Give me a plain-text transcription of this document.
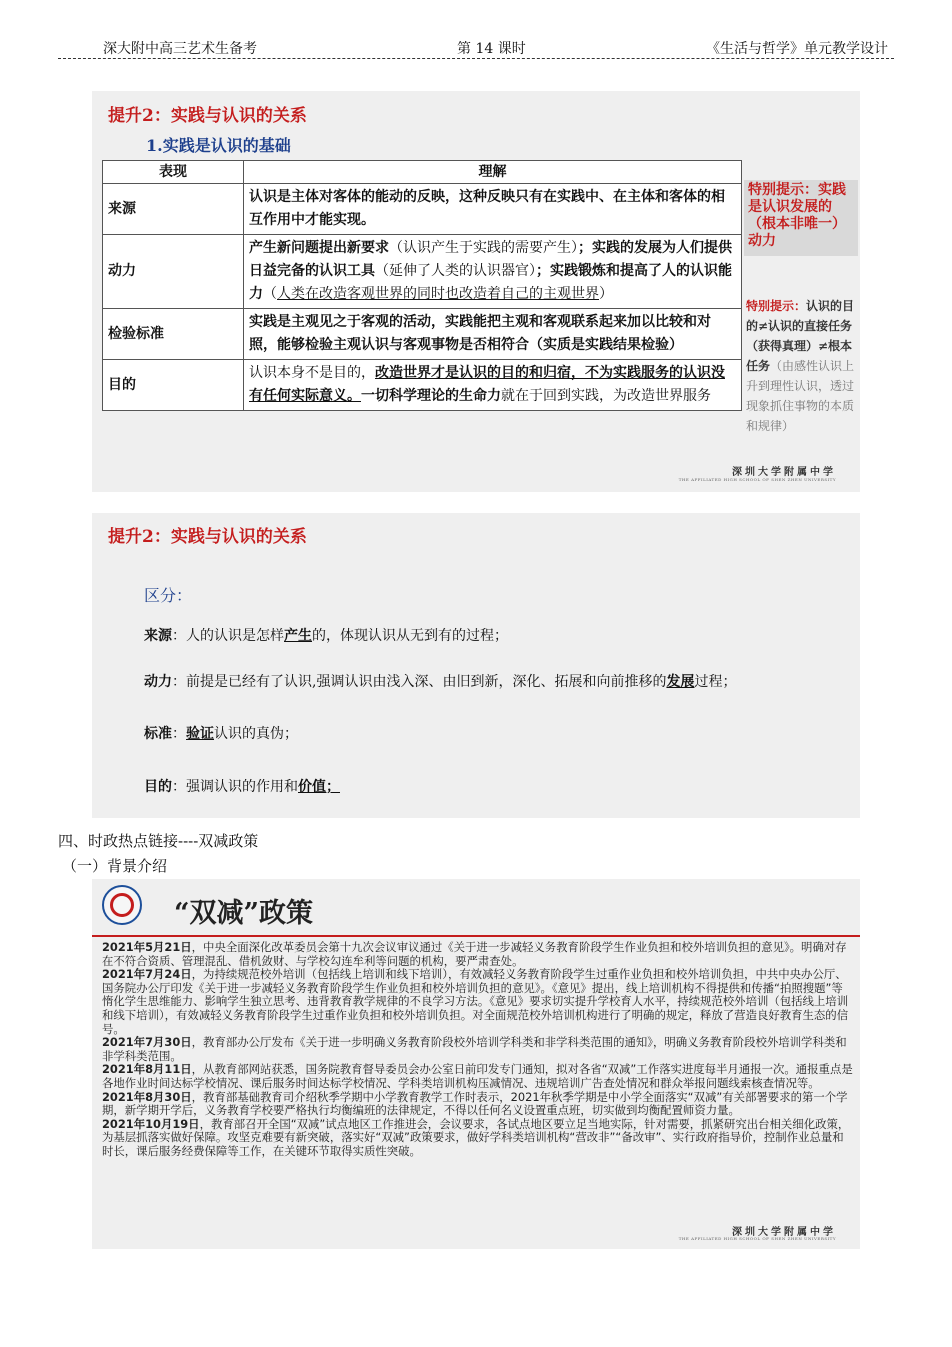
深大附中高三艺术生备考	第 14 课时	《生活与哲学》单元教学设计
提升2：实践与认识的关系
1.实践是认识的基础
表现	理解
来源	认识是主体对客体的能动的反映，这种反映只有在实践中、在主体和客体的相互作用中才能实现。
动力	产生新问题提出新要求（认识产生于实践的需要产生）；实践的发展为人们提供日益完备的认识工具（延伸了人类的认识器官）；实践锻炼和提高了人的认识能力（人类在改造客观世界的同时也改造着自己的主观世界）
检验标准	实践是主观见之于客观的活动，实践能把主观和客观联系起来加以比较和对照，能够检验主观认识与客观事物是否相符合（实质是实践结果检验）
目的	认识本身不是目的，改造世界才是认识的目的和归宿，不为实践服务的认识没有任何实际意义。一切科学理论的生命力就在于回到实践，为改造世界服务
特别提示：实践是认识发展的（根本非唯一）动力
特别提示：认识的目的≠认识的直接任务（获得真理）≠根本任务（由感性认识上升到理性认识，透过现象抓住事物的本质和规律）
深圳大学附属中学
THE AFFILIATED HIGH SCHOOL OF SHEN ZHEN UNIVERSITY
提升2：实践与认识的关系
区分：
来源：人的认识是怎样产生的，体现认识从无到有的过程；
动力：前提是已经有了认识,强调认识由浅入深、由旧到新，深化、拓展和向前推移的发展过程；
标准：验证认识的真伪；
目的：强调认识的作用和价值；
四、时政热点链接----双减政策
（一）背景介绍
“双减”政策

2021年5月21日，中央全面深化改革委员会第十九次会议审议通过《关于进一步减轻义务教育阶段学生作业负担和校外培训负担的意见》。明确对存在不符合资质、管理混乱、借机敛财、与学校勾连牟利等问题的机构，要严肃查处。

2021年7月24日，为持续规范校外培训（包括线上培训和线下培训），有效减轻义务教育阶段学生过重作业负担和校外培训负担，中共中央办公厅、国务院办公厅印发《关于进一步减轻义务教育阶段学生作业负担和校外培训负担的意见》。《意见》提出，线上培训机构不得提供和传播“拍照搜题”等惰化学生思维能力、影响学生独立思考、违背教育教学规律的不良学习方法。《意见》要求切实提升学校育人水平，持续规范校外培训（包括线上培训和线下培训），有效减轻义务教育阶段学生过重作业负担和校外培训负担。对全面规范校外培训机构进行了明确的规定，释放了营造良好教育生态的信号。

2021年7月30日，教育部办公厅发布《关于进一步明确义务教育阶段校外培训学科类和非学科类范围的通知》，明确义务教育阶段校外培训学科类和非学科类范围。

2021年8月11日，从教育部网站获悉，国务院教育督导委员会办公室日前印发专门通知，拟对各省“双减”工作落实进度每半月通报一次。通报重点是各地作业时间达标学校情况、课后服务时间达标学校情况、学科类培训机构压减情况、违规培训广告查处情况和群众举报问题线索核查情况等。

2021年8月30日，教育部基础教育司介绍秋季学期中小学教育教学工作时表示，2021年秋季学期是中小学全面落实“双减”有关部署要求的第一个学期，新学期开学后，义务教育学校要严格执行均衡编班的法律规定，不得以任何名义设置重点班，切实做到均衡配置师资力量。

2021年10月19日，教育部召开全国“双减”试点地区工作推进会，会议要求，各试点地区要立足当地实际，针对需要，抓紧研究出台相关细化政策，为基层抓落实做好保障。攻坚克难要有新突破，落实好“双减”政策要求，做好学科类培训机构“营改非”“备改审”、实行政府指导价，控制作业总量和时长，课后服务经费保障等工作，在关键环节取得实质性突破。

深圳大学附属中学
THE AFFILIATED HIGH SCHOOL OF SHEN ZHEN UNIVERSITY
